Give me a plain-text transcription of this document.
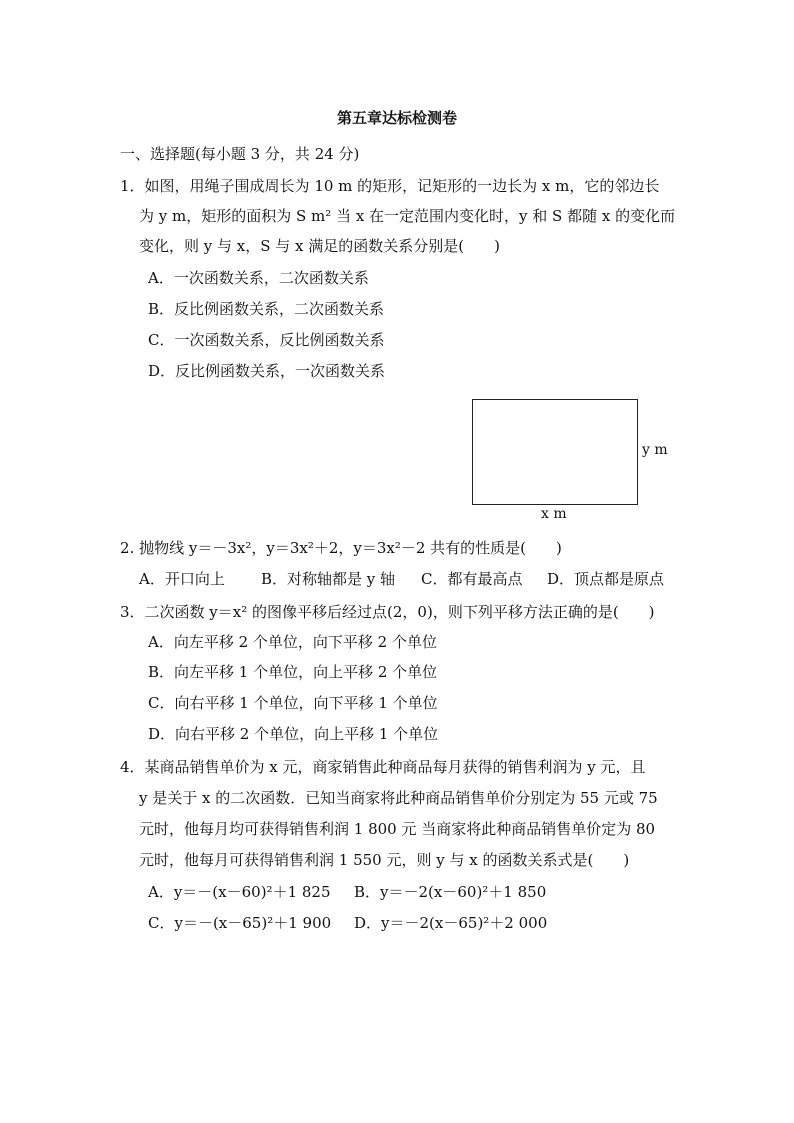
第五章达标检测卷
一、选择题(每小题 3 分，共 24 分)
1．如图，用绳子围成周长为 10 m 的矩形，记矩形的一边长为 x m，它的邻边长
为 y m，矩形的面积为 S m² 当 x 在一定范围内变化时，y 和 S 都随 x 的变化而
变化，则 y 与 x，S 与 x 满足的函数关系分别是(　　)
A．一次函数关系，二次函数关系
B．反比例函数关系，二次函数关系
C．一次函数关系，反比例函数关系
D．反比例函数关系，一次函数关系
y m
x m
2. 抛物线 y＝－3x²，y＝3x²＋2，y＝3x²－2 共有的性质是(　　)
A．开口向上 B．对称轴都是 y 轴 C．都有最高点 D．顶点都是原点
3．二次函数 y＝x² 的图像平移后经过点(2，0)，则下列平移方法正确的是(　　)
A．向左平移 2 个单位，向下平移 2 个单位
B．向左平移 1 个单位，向上平移 2 个单位
C．向右平移 1 个单位，向下平移 1 个单位
D．向右平移 2 个单位，向上平移 1 个单位
4．某商品销售单价为 x 元，商家销售此种商品每月获得的销售利润为 y 元，且
y 是关于 x 的二次函数．已知当商家将此种商品销售单价分别定为 55 元或 75
元时，他每月均可获得销售利润 1 800 元 当商家将此种商品销售单价定为 80
元时，他每月可获得销售利润 1 550 元，则 y 与 x 的函数关系式是(　　)
A．y＝－(x－60)²＋1 825 B．y＝－2(x－60)²＋1 850
C．y＝－(x－65)²＋1 900 D．y＝－2(x－65)²＋2 000
